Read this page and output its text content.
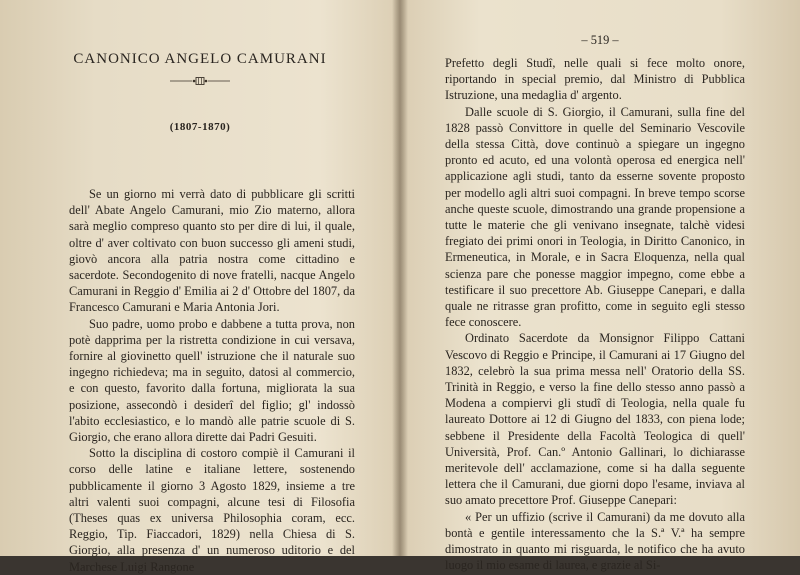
CANONICO ANGELO CAMURANI
(1807-1870)

Se un giorno mi verrà dato di pubblicare gli scritti dell' Abate Angelo Camurani, mio Zio materno, allora sarà meglio compreso quanto sto per dire di lui, il quale, oltre d' aver coltivato con buon successo gli ameni studi, giovò ancora alla patria nostra come cittadino e sacerdote. Secondogenito di nove fratelli, nacque Angelo Camurani in Reggio d' Emilia ai 2 d' Ottobre del 1807, da Francesco Camurani e Maria Antonia Jori.

Suo padre, uomo probo e dabbene a tutta prova, non potè dapprima per la ristretta condizione in cui versava, fornire al giovinetto quell' istruzione che il naturale suo ingegno richiedeva; ma in seguito, datosi al commercio, e con questo, favorito dalla fortuna, migliorata la sua posizione, assecondò i desiderî del figlio; gl' indossò l'abito ecclesiastico, e lo mandò alle patrie scuole di S. Giorgio, che erano allora dirette dai Padri Gesuiti.

Sotto la disciplina di costoro compiè il Camurani il corso delle latine e italiane lettere, sostenendo pubblicamente il giorno 3 Agosto 1829, insieme a tre altri valenti suoi compagni, alcune tesi di Filosofia (Theses quas ex universa Philosophia coram, ecc. Reggio, Tip. Fiaccadori, 1829) nella Chiesa di S. Giorgio, alla presenza d' un numeroso uditorio e del Marchese Luigi Rangone

– 519 –

Prefetto degli Studî, nelle quali si fece molto onore, riportando in special premio, dal Ministro di Pubblica Istruzione, una medaglia d' argento.

Dalle scuole di S. Giorgio, il Camurani, sulla fine del 1828 passò Convittore in quelle del Seminario Vescovile della stessa Città, dove continuò a spiegare un ingegno pronto ed acuto, ed una volontà operosa ed energica nell' applicazione agli studi, tanto da esserne sovente proposto per modello agli altri suoi compagni. In breve tempo scorse anche queste scuole, dimostrando una grande propensione a tutte le materie che gli venivano insegnate, talchè videsi fregiato dei primi onori in Teologia, in Diritto Canonico, in Ermeneutica, in Morale, e in Sacra Eloquenza, nella qual scienza pare che ponesse maggior impegno, come ebbe a testificare il suo precettore Ab. Giuseppe Canepari, e dalla quale ne ritrasse gran profitto, come in seguito egli stesso fece conoscere.

Ordinato Sacerdote da Monsignor Filippo Cattani Vescovo di Reggio e Principe, il Camurani ai 17 Giugno del 1832, celebrò la sua prima messa nell' Oratorio della SS. Trinità in Reggio, e verso la fine dello stesso anno passò a Modena a compiervi gli studî di Teologia, nella quale fu laureato Dottore ai 12 di Giugno del 1833, con piena lode; sebbene il Presidente della Facoltà Teologica di quell' Università, Prof. Can.º Antonio Gallinari, lo dichiarasse meritevole dell' acclamazione, come si ha dalla seguente lettera che il Camurani, due giorni dopo l'esame, inviava al suo amato precettore Prof. Giuseppe Canepari:

« Per un uffizio (scrive il Camurani) da me dovuto alla bontà e gentile interessamento che la S.ª V.ª ha sempre dimostrato in quanto mi risguarda, le notifico che ha avuto luogo il mio esame di laurea, e grazie al Si-
